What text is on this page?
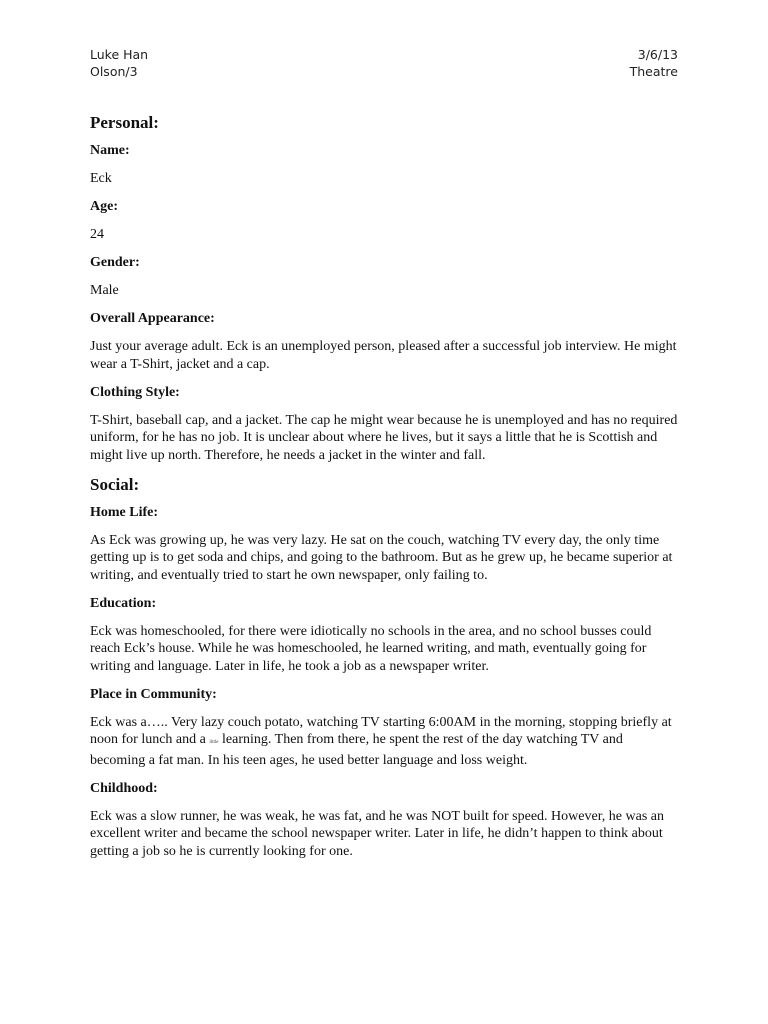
Luke Han
Olson/3
3/6/13
Theatre
Personal:
Name:
Eck
Age:
24
Gender:
Male
Overall Appearance:
Just your average adult. Eck is an unemployed person, pleased after a successful job interview. He might wear a T-Shirt, jacket and a cap.
Clothing Style:
T-Shirt, baseball cap, and a jacket. The cap he might wear because he is unemployed and has no required uniform, for he has no job. It is unclear about where he lives, but it says a little that he is Scottish and might live up north. Therefore, he needs a jacket in the winter and fall.
Social:
Home Life:
As Eck was growing up, he was very lazy. He sat on the couch, watching TV every day, the only time getting up is to get soda and chips, and going to the bathroom. But as he grew up, he became superior at writing, and eventually tried to start he own newspaper, only failing to.
Education:
Eck was homeschooled, for there were idiotically no schools in the area, and no school busses could reach Eck’s house. While he was homeschooled, he learned writing, and math, eventually going for writing and language. Later in life, he took a job as a newspaper writer.
Place in Community:
Eck was a….. Very lazy couch potato, watching TV starting 6:00AM in the morning, stopping briefly at noon for lunch and a little learning. Then from there, he spent the rest of the day watching TV and becoming a fat man. In his teen ages, he used better language and loss weight.
Childhood:
Eck was a slow runner, he was weak, he was fat, and he was NOT built for speed. However, he was an excellent writer and became the school newspaper writer. Later in life, he didn’t happen to think about getting a job so he is currently looking for one.
